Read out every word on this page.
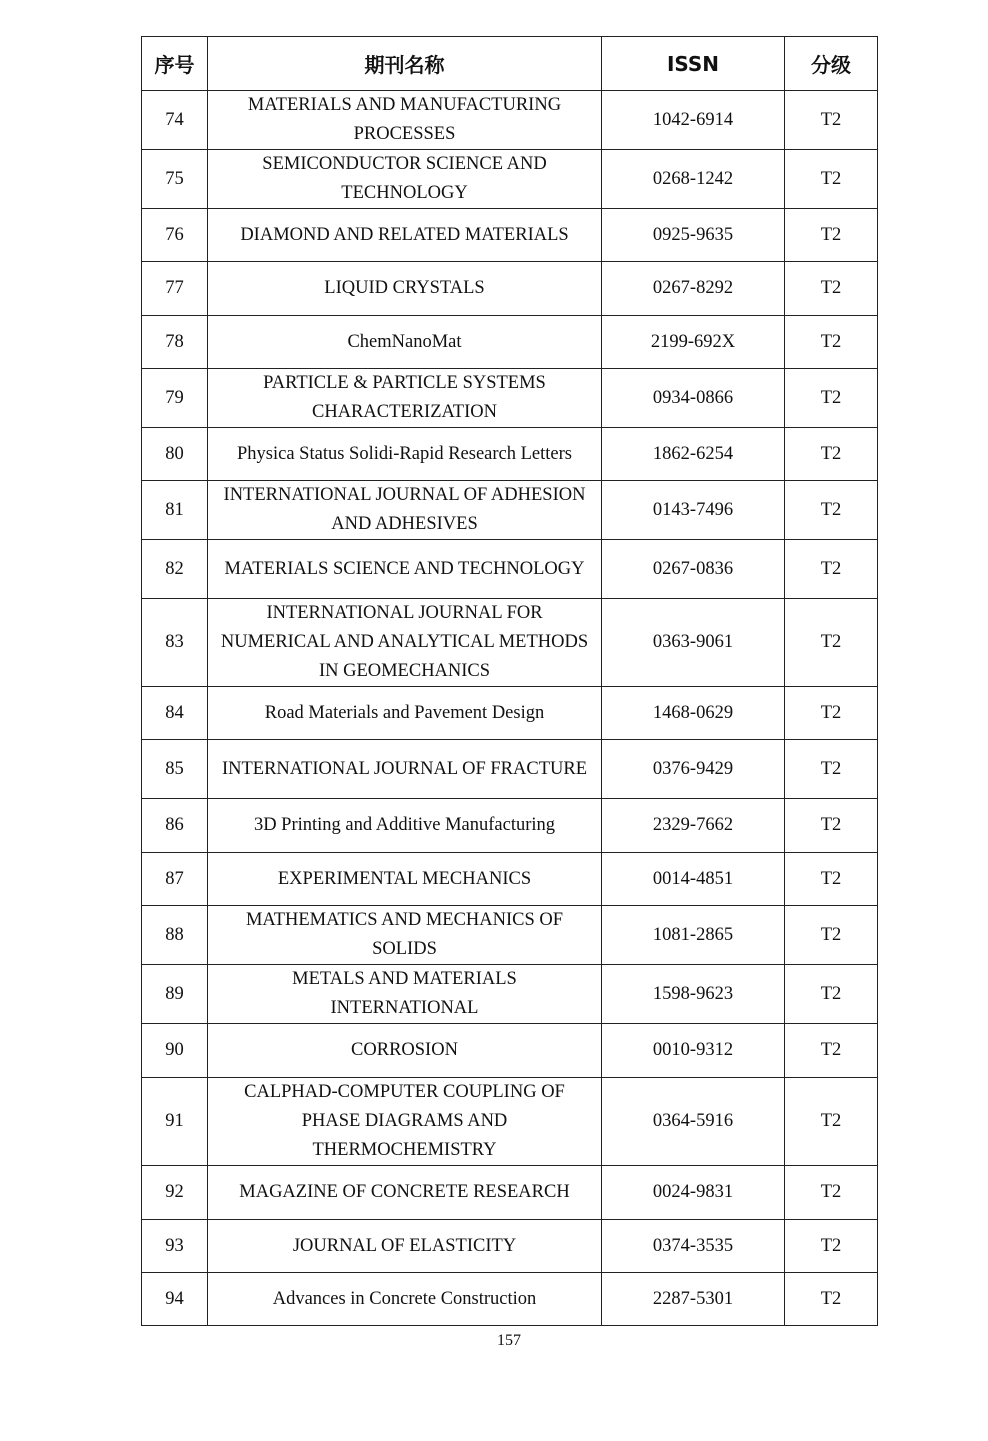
序号	期刊名称	ISSN	分级
74	MATERIALS AND MANUFACTURING PROCESSES	1042-6914	T2
75	SEMICONDUCTOR SCIENCE AND TECHNOLOGY	0268-1242	T2
76	DIAMOND AND RELATED MATERIALS	0925-9635	T2
77	LIQUID CRYSTALS	0267-8292	T2
78	ChemNanoMat	2199-692X	T2
79	PARTICLE & PARTICLE SYSTEMS CHARACTERIZATION	0934-0866	T2
80	Physica Status Solidi-Rapid Research Letters	1862-6254	T2
81	INTERNATIONAL JOURNAL OF ADHESION AND ADHESIVES	0143-7496	T2
82	MATERIALS SCIENCE AND TECHNOLOGY	0267-0836	T2
83	INTERNATIONAL JOURNAL FOR NUMERICAL AND ANALYTICAL METHODS IN GEOMECHANICS	0363-9061	T2
84	Road Materials and Pavement Design	1468-0629	T2
85	INTERNATIONAL JOURNAL OF FRACTURE	0376-9429	T2
86	3D Printing and Additive Manufacturing	2329-7662	T2
87	EXPERIMENTAL MECHANICS	0014-4851	T2
88	MATHEMATICS AND MECHANICS OF SOLIDS	1081-2865	T2
89	METALS AND MATERIALS INTERNATIONAL	1598-9623	T2
90	CORROSION	0010-9312	T2
91	CALPHAD-COMPUTER COUPLING OF PHASE DIAGRAMS AND THERMOCHEMISTRY	0364-5916	T2
92	MAGAZINE OF CONCRETE RESEARCH	0024-9831	T2
93	JOURNAL OF ELASTICITY	0374-3535	T2
94	Advances in Concrete Construction	2287-5301	T2
157
